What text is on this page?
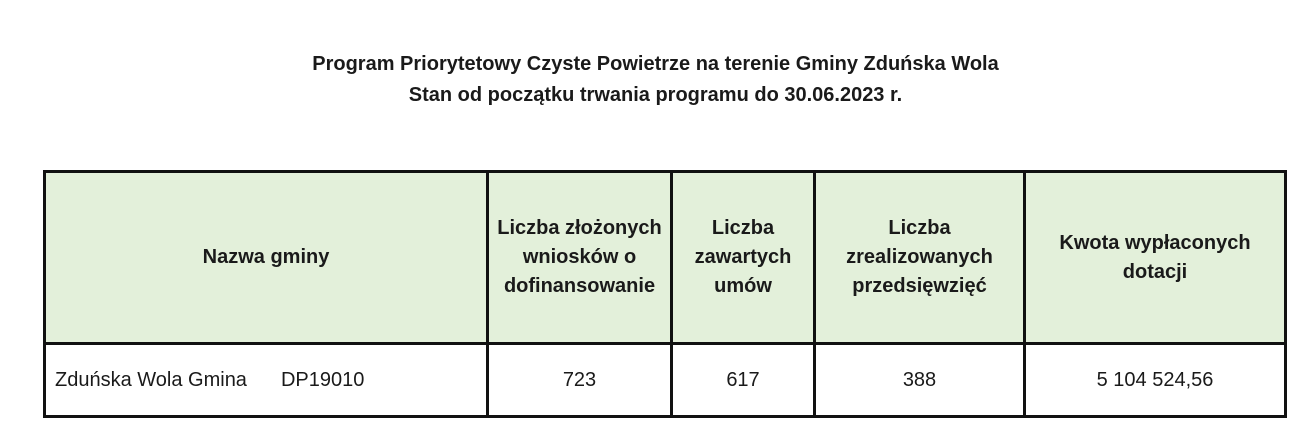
Program Priorytetowy Czyste Powietrze na terenie Gminy Zduńska Wola
Stan od początku trwania programu do 30.06.2023 r.
Nazwa gminy	Liczba złożonych wniosków o dofinansowanie	Liczba zawartych umów	Liczba zrealizowanych przedsięwzięć	Kwota wypłaconych dotacji
Zduńska Wola Gmina DP19010	723	617	388	5 104 524,56
